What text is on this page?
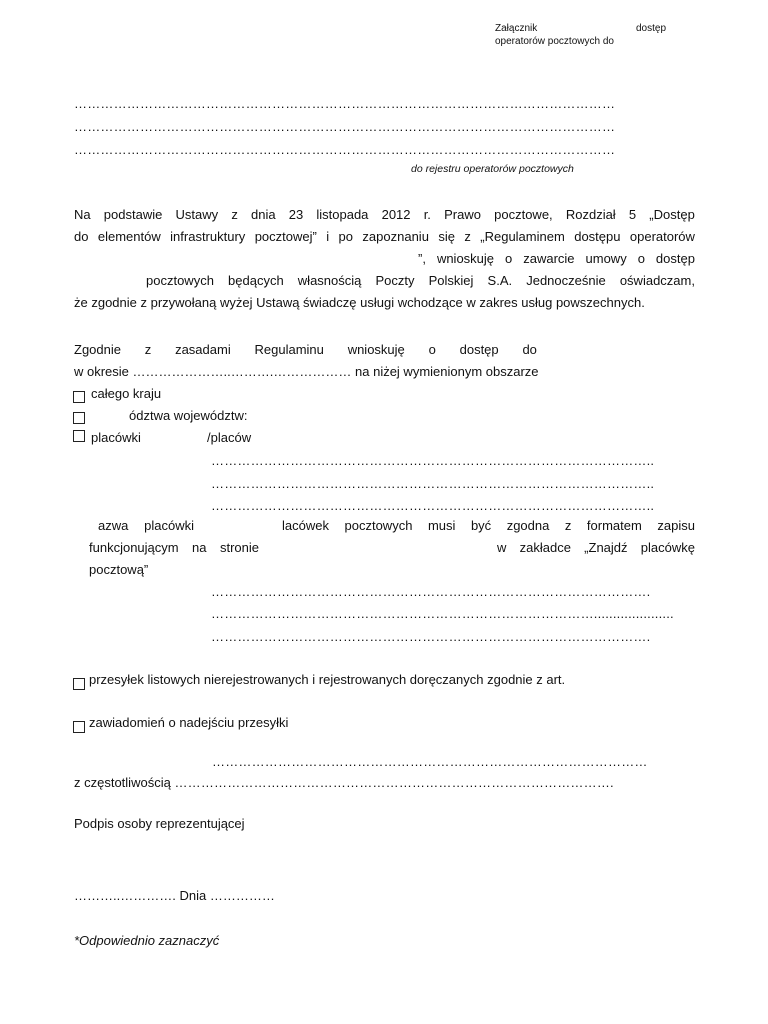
Załącznik	dostęp
operatorów pocztowych do
……………………………………………………………………………………………………………
……………………………………………………………………………………………………………
……………………………………………………………………………………………………………
do rejestru operatorów pocztowych
Na podstawie Ustawy z dnia 23 listopada 2012 r. Prawo pocztowe, Rozdział 5 „Dostęp
do elementów infrastruktury pocztowej” i po zapoznaniu się z „Regulaminem dostępu operatorów
”, wnioskuję o zawarcie umowy o dostęp
pocztowych będących własnością Poczty Polskiej S.A. Jednocześnie oświadczam,
że zgodnie z przywołaną wyżej Ustawą świadczę usługi wchodzące w zakres usług powszechnych.
Zgodnie z zasadami Regulaminu wnioskuję o dostęp do
w okresie …………………..……….……………… na niżej wymienionym obszarze
całego kraju
ództwa województw:
placówki	/placów
………………………………………………………………………………………..
………………………………………………………………………………………..
………………………………………………………………………………………..
azwa placówki	lacówek pocztowych musi być zgodna z formatem zapisu
funkcjonującym na stronie	w zakładce „Znajdź placówkę
pocztową”
……………………………………………………………………………………….
…………………………………………………………………………….....................
……………………………………………………………………………………….
przesyłek listowych nierejestrowanych i rejestrowanych doręczanych zgodnie z art.
zawiadomień o nadejściu przesyłki
………………………………………………………………………………………
z częstotliwością ……………………………………………………………………………………….
Podpis osoby reprezentującej
………..…………. Dnia ……………
*Odpowiednio zaznaczyć
